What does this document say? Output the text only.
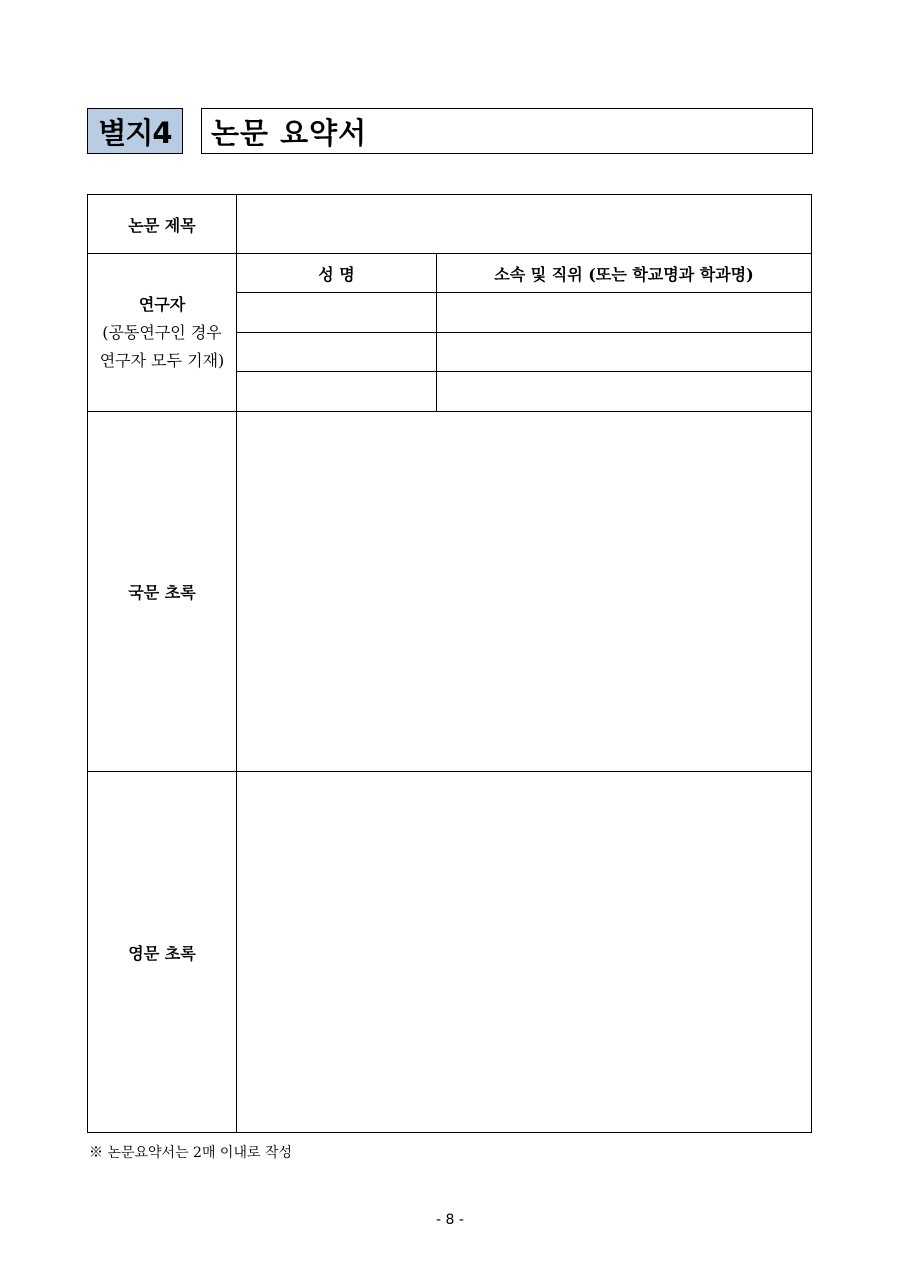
별지4	논문 요약서
논문 제목		

연구자
(공동연구인 경우
연구자 모두 기재)	성 명	소속 및 직위 (또는 학교명과 학과명)

국문 초록		
영문 초록		
※ 논문요약서는 2매 이내로 작성
- 8 -
